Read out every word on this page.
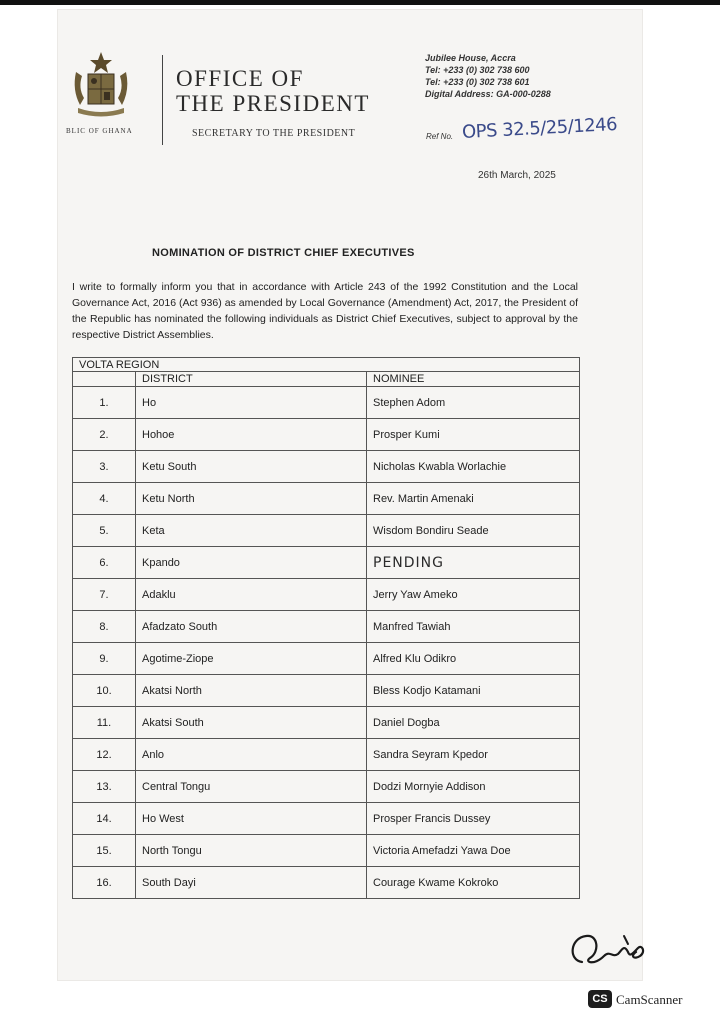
BLIC OF GHANA
OFFICE OF
THE PRESIDENT
SECRETARY TO THE PRESIDENT
Jubilee House, Accra
Tel: +233 (0) 302 738 600
Tel: +233 (0) 302 738 601
Digital Address: GA-000-0288
Ref No. OPS 32.5/25/1246
26th March, 2025
NOMINATION OF DISTRICT CHIEF EXECUTIVES

I write to formally inform you that in accordance with Article 243 of the 1992 Constitution and the Local Governance Act, 2016 (Act 936) as amended by Local Governance (Amendment) Act, 2017, the President of the Republic has nominated the following individuals as District Chief Executives, subject to approval by the respective District Assemblies.

VOLTA REGION		
	DISTRICT	NOMINEE
1.	Ho	Stephen Adom
2.	Hohoe	Prosper Kumi
3.	Ketu South	Nicholas Kwabla Worlachie
4.	Ketu North	Rev. Martin Amenaki
5.	Keta	Wisdom Bondiru Seade
6.	Kpando	PENDING
7.	Adaklu	Jerry Yaw Ameko
8.	Afadzato South	Manfred Tawiah
9.	Agotime-Ziope	Alfred Klu Odikro
10.	Akatsi North	Bless Kodjo Katamani
11.	Akatsi South	Daniel Dogba
12.	Anlo	Sandra Seyram Kpedor
13.	Central Tongu	Dodzi Mornyie Addison
14.	Ho West	Prosper Francis Dussey
15.	North Tongu	Victoria Amefadzi Yawa Doe
16.	South Dayi	Courage Kwame Kokroko
CS CamScanner
